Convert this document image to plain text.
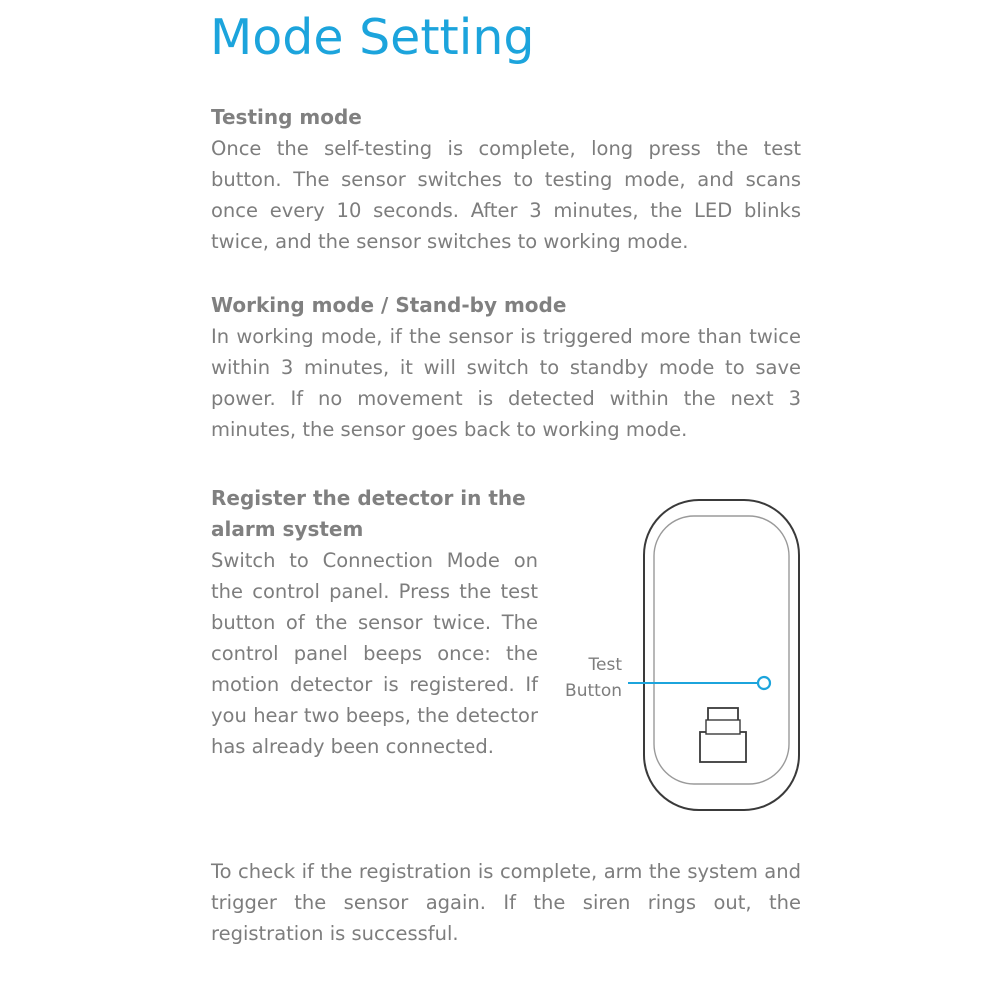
Mode Setting

Testing mode

Once the self-testing is complete, long press the test button. The sensor switches to testing mode, and scans once every 10 seconds. After 3 minutes, the LED blinks twice, and the sensor switches to working mode.

Working mode / Stand-by mode

In working mode, if the sensor is triggered more than twice within 3 minutes, it will switch to standby mode to save power. If no movement is detected within the next 3 minutes, the sensor goes back to working mode.

Register the detector in the alarm system

Switch to Connection Mode on the control panel. Press the test button of the sensor twice. The control panel beeps once: the motion detector is registered. If you hear two beeps, the detector has already been connected.

To check if the registration is complete, arm the system and trigger the sensor again. If the siren rings out, the registration is successful.

Test
Button
